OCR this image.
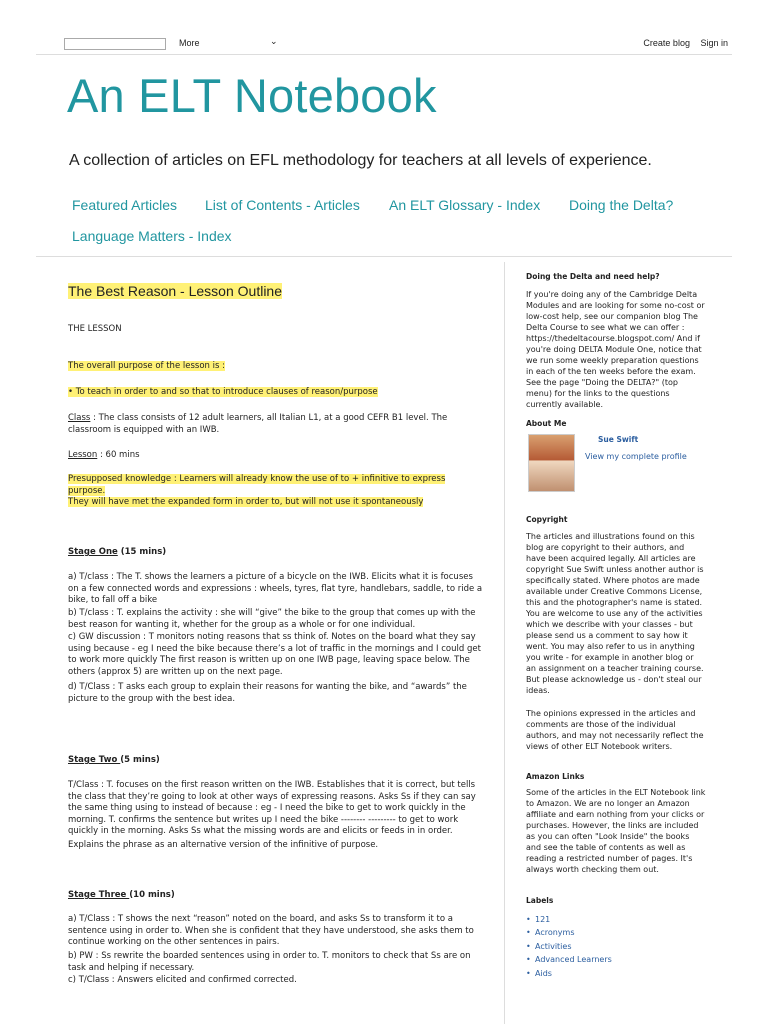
More	⌄	Create blog Sign in
An ELT Notebook
A collection of articles on EFL methodology for teachers at all levels of experience.
Featured Articles List of Contents - Articles An ELT Glossary - Index Doing the Delta?
Language Matters - Index
The Best Reason - Lesson Outline
THE LESSON
The overall purpose of the lesson is :
• To teach in order to and so that to introduce clauses of reason/purpose
Class : The class consists of 12 adult learners, all Italian L1, at a good CEFR B1 level. The classroom is equipped with an IWB.
Lesson : 60 mins
Presupposed knowledge : Learners will already know the use of to + infinitive to express purpose.
They will have met the expanded form in order to, but will not use it spontaneously
Stage One (15 mins)
a) T/class : The T. shows the learners a picture of a bicycle on the IWB. Elicits what it is focuses on a few connected words and expressions : wheels, tyres, flat tyre, handlebars, saddle, to ride a bike, to fall off a bike
b) T/class : T. explains the activity : she will “give” the bike to the group that comes up with the best reason for wanting it, whether for the group as a whole or for one individual.
c) GW discussion : T monitors noting reasons that ss think of. Notes on the board what they say using because - eg I need the bike because there’s a lot of traffic in the mornings and I could get to work more quickly The first reason is written up on one IWB page, leaving space below. The others (approx 5) are written up on the next page.
d) T/Class : T asks each group to explain their reasons for wanting the bike, and “awards” the picture to the group with the best idea.
Stage Two (5 mins)
T/Class : T. focuses on the first reason written on the IWB. Establishes that it is correct, but tells the class that they’re going to look at other ways of expressing reasons. Asks Ss if they can say the same thing using to instead of because : eg - I need the bike to get to work quickly in the morning. T. confirms the sentence but writes up I need the bike -------- --------- to get to work quickly in the morning. Asks Ss what the missing words are and elicits or feeds in in order.
Explains the phrase as an alternative version of the infinitive of purpose.
Stage Three (10 mins)
a) T/Class : T shows the next “reason” noted on the board, and asks Ss to transform it to a sentence using in order to. When she is confident that they have understood, she asks them to continue working on the other sentences in pairs.
b) PW : Ss rewrite the boarded sentences using in order to. T. monitors to check that Ss are on task and helping if necessary.
c) T/Class : Answers elicited and confirmed corrected.
Doing the Delta and need help?
If you're doing any of the Cambridge Delta Modules and are looking for some no-cost or low-cost help, see our companion blog The Delta Course to see what we can offer : https://thedeltacourse.blogspot.com/ And if you're doing DELTA Module One, notice that we run some weekly preparation questions in each of the ten weeks before the exam. See the page "Doing the DELTA?" (top menu) for the links to the questions currently available.
About Me
Sue Swift
View my complete profile
Copyright
The articles and illustrations found on this blog are copyright to their authors, and have been acquired legally. All articles are copyright Sue Swift unless another author is specifically stated. Where photos are made available under Creative Commons License, this and the photographer's name is stated. You are welcome to use any of the activities which we describe with your classes - but please send us a comment to say how it went. You may also refer to us in anything you write - for example in another blog or an assignment on a teacher training course. But please acknowledge us - don't steal our ideas.
The opinions expressed in the articles and comments are those of the individual authors, and may not necessarily reflect the views of other ELT Notebook writers.
Amazon Links
Some of the articles in the ELT Notebook link to Amazon. We are no longer an Amazon affiliate and earn nothing from your clicks or purchases. However, the links are included as you can often "Look Inside" the books and see the table of contents as well as reading a restricted number of pages. It's always worth checking them out.
Labels
• 121
• Acronyms
• Activities
• Advanced Learners
• Aids
